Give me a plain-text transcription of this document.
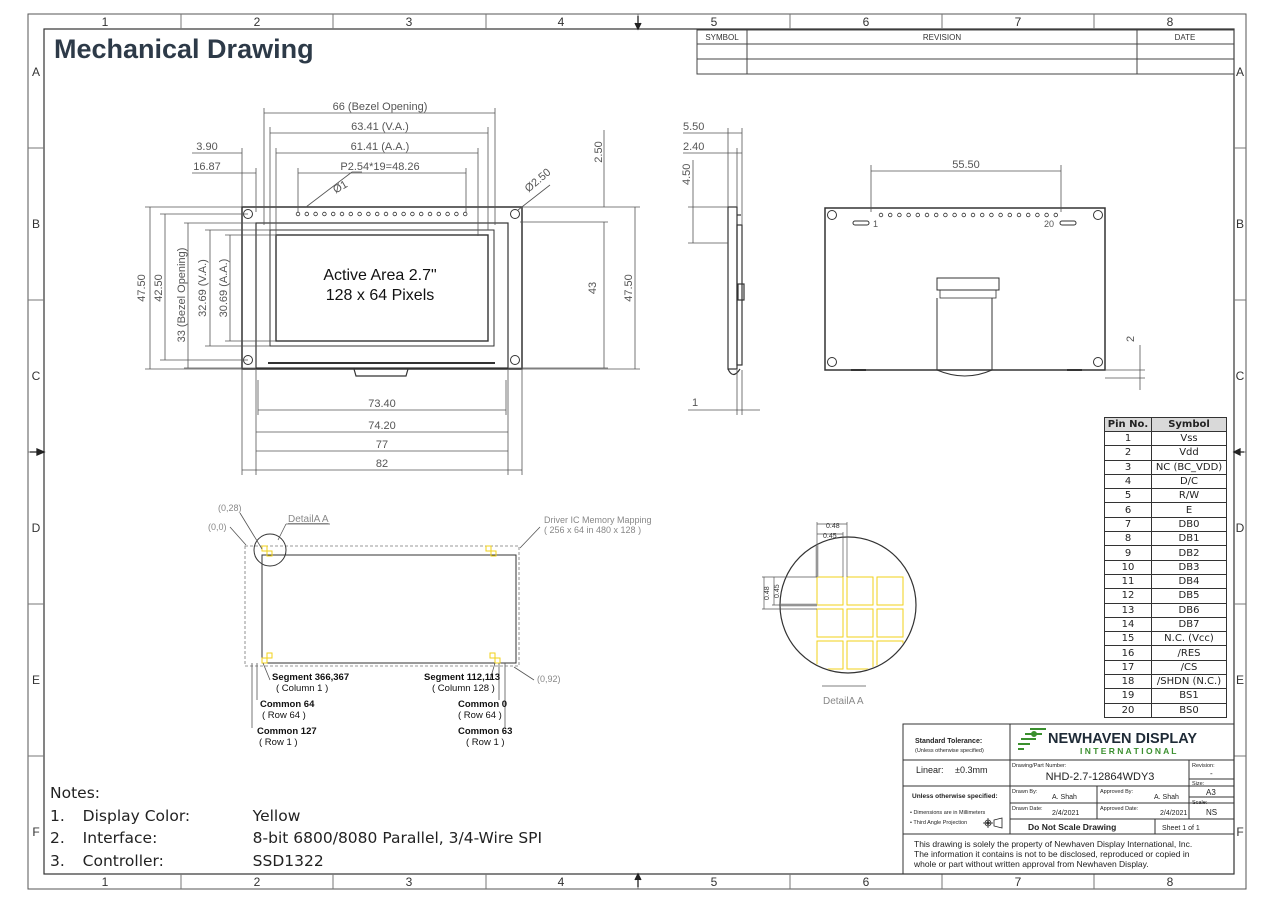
1	2	3	4	5	6	7	8
1	2	3	4	5	6	7	8
A
B
C
D
E
F
A
B
C
D
E
F
SYMBOL	REVISION	DATE
Active Area 2.7"
128 x 64 Pixels
66 (Bezel Opening)
63.41 (V.A.)
61.41 (A.A.)
P2.54*19=48.26
3.90
16.87
Ø1	Ø2.50
2.50
47.50 42.50 33 (Bezel Opening) 32.69 (V.A.) 30.69 (A.A.)	43 47.50
73.40
74.20
77
82
5.50
2.40
4.50
1
55.50
2
1	20
(0,28)
(0,0)
DetailA A	Driver IC Memory Mapping
( 256 x 64 in 480 x 128 )
(0,92)
Segment 366,367
( Column 1 )
Segment 112,113
( Column 128 )
Common 64
( Row 64 )
Common 127
( Row 1 )
Common 0
( Row 64 )
Common 63
( Row 1 )
0.48
0.45
0.48 0.45
DetailA A
NEWHAVEN DISPLAY
I N T E R N A T I O N A L
Standard Tolerance:
(Unless otherwise specified)
Linear: ±0.3mm	Drawing/Part Number:
NHD-2.7-12864WDY3
Revision:
-
Unless otherwise specified:
• Dimensions are in Millimeters
• Third Angle Projection
Drawn By:
A. Shah
Approved By:
A. Shah
Size:
A3
Drawn Date:
2/4/2021
Approved Date:
2/4/2021
Scale:
NS
Do Not Scale Drawing	Sheet 1 of 1
This drawing is solely the property of Newhaven Display International, Inc.
The information it contains is not to be disclosed, reproduced or copied in
whole or part without written approval from Newhaven Display.
Mechanical Drawing
Pin No.	Symbol
1	Vss
2	Vdd
3	NC (BC_VDD)
4	D/C
5	R/W
6	E
7	DB0
8	DB1
9	DB2
10	DB3
11	DB4
12	DB5
13	DB6
14	DB7
15	N.C. (Vcc)
16	/RES
17	/CS
18	/SHDN (N.C.)
19	BS1
20	BS0
Notes:
1. Display Color:	Yellow
2. Interface:	8-bit 6800/8080 Parallel, 3/4-Wire SPI
3. Controller:	SSD1322
